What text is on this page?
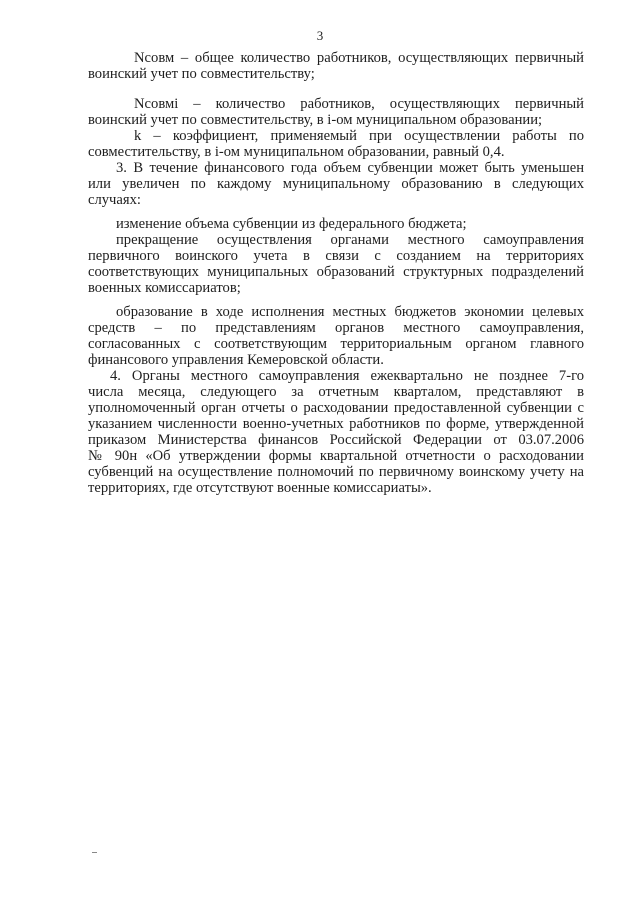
3
Nсовм – общее количество работников, осуществляющих первичный
воинский учет по совместительству;
Nсовмi – количество работников, осуществляющих первичный
воинский учет по совместительству, в i-ом муниципальном образовании;
k – коэффициент, применяемый при осуществлении работы по
совместительству, в i-ом муниципальном образовании, равный 0,4.
3. В течение финансового года объем субвенции может быть уменьшен
или увеличен по каждому муниципальному образованию в следующих
случаях:
изменение объема субвенции из федерального бюджета;
прекращение осуществления органами местного самоуправления
первичного воинского учета в связи с созданием на территориях
соответствующих муниципальных образований структурных подразделений
военных комиссариатов;
образование в ходе исполнения местных бюджетов экономии целевых
средств – по представлениям органов местного самоуправления,
согласованных с соответствующим территориальным органом главного
финансового управления Кемеровской области.
4. Органы местного самоуправления ежеквартально не позднее 7-го
числа месяца, следующего за отчетным кварталом, представляют в
уполномоченный орган отчеты о расходовании предоставленной субвенции с
указанием численности военно-учетных работников по форме, утвержденной
приказом Министерства финансов Российской Федерации от 03.07.2006
№ 90н «Об утверждении формы квартальной отчетности о расходовании
субвенций на осуществление полномочий по первичному воинскому учету на
территориях, где отсутствуют военные комиссариаты».
